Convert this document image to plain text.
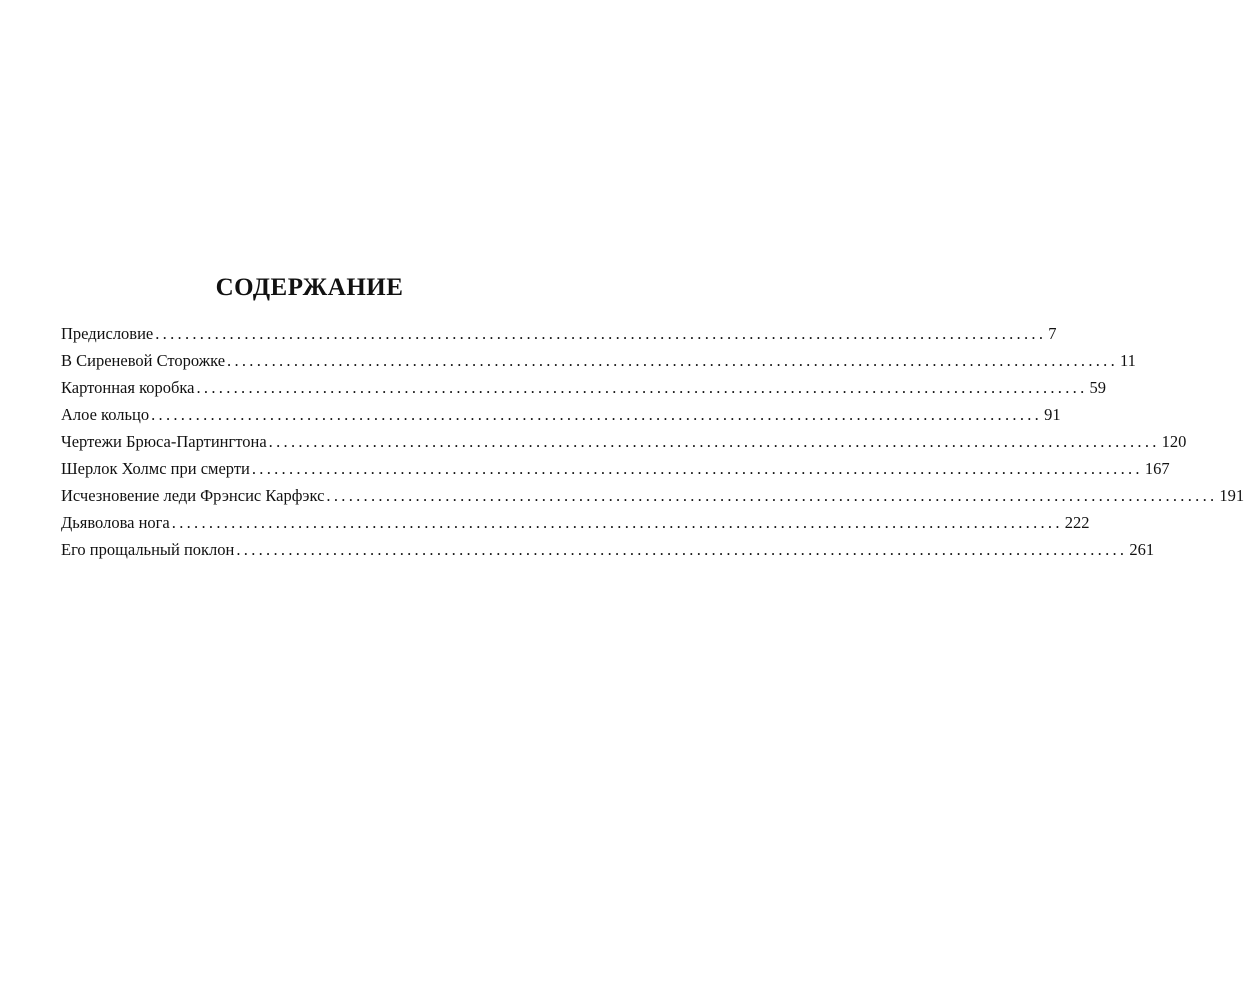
СОДЕРЖАНИЕ
Предисловие ........................................................................................................................ 7
В Сиреневой Сторожке ........................................................................................................................ 11
Картонная коробка ........................................................................................................................ 59
Алое кольцо ........................................................................................................................ 91
Чертежи Брюса-Партингтона ........................................................................................................................ 120
Шерлок Холмс при смерти ........................................................................................................................ 167
Исчезновение леди Фрэнсис Карфэкс ........................................................................................................................ 191
Дьяволова нога ........................................................................................................................ 222
Его прощальный поклон ........................................................................................................................ 261
